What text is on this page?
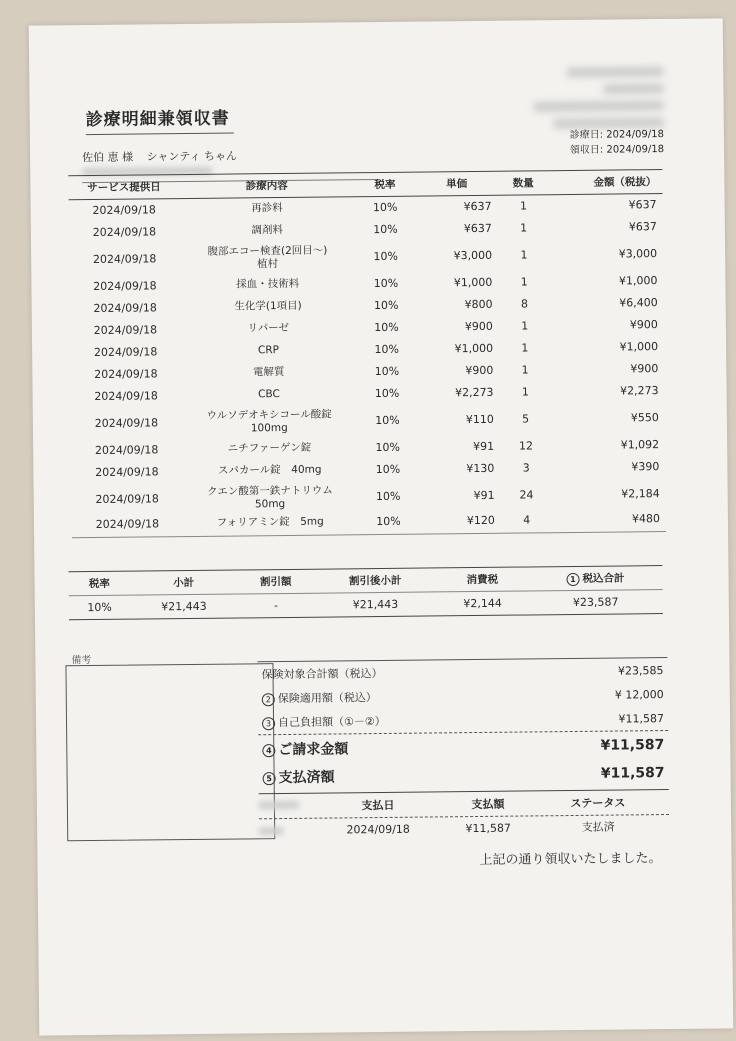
診療明細兼領収書
佐伯 恵 様 シャンティ ちゃん
診療日: 2024/09/18
領収日: 2024/09/18
サービス提供日	診療内容	税率	単価	数量	金額（税抜）
2024/09/18	再診料	10%	¥637	1	¥637
2024/09/18	調剤料	10%	¥637	1	¥637
2024/09/18	腹部エコー検査(2回目～)
植村	10%	¥3,000	1	¥3,000
2024/09/18	採血・技術料	10%	¥1,000	1	¥1,000
2024/09/18	生化学(1項目)	10%	¥800	8	¥6,400
2024/09/18	リパーゼ	10%	¥900	1	¥900
2024/09/18	CRP	10%	¥1,000	1	¥1,000
2024/09/18	電解質	10%	¥900	1	¥900
2024/09/18	CBC	10%	¥2,273	1	¥2,273
2024/09/18	ウルソデオキシコール酸錠
100mg	10%	¥110	5	¥550
2024/09/18	ニチファーゲン錠	10%	¥91	12	¥1,092
2024/09/18	スパカール錠　40mg	10%	¥130	3	¥390
2024/09/18	クエン酸第一鉄ナトリウム
50mg	10%	¥91	24	¥2,184
2024/09/18	フォリアミン錠　5mg	10%	¥120	4	¥480
税率	小計	割引額	割引後小計	消費税	1 税込合計
10%	¥21,443	-	¥21,443	¥2,144	¥23,587
備考
保険対象合計額（税込）	¥23,585
2 保険適用額（税込）	¥ 12,000
3 自己負担額（①－②）	¥11,587
4 ご請求金額	¥11,587
5 支払済額	¥11,587
支払日	支払額	ステータス
2024/09/18	¥11,587	支払済
上記の通り領収いたしました。
